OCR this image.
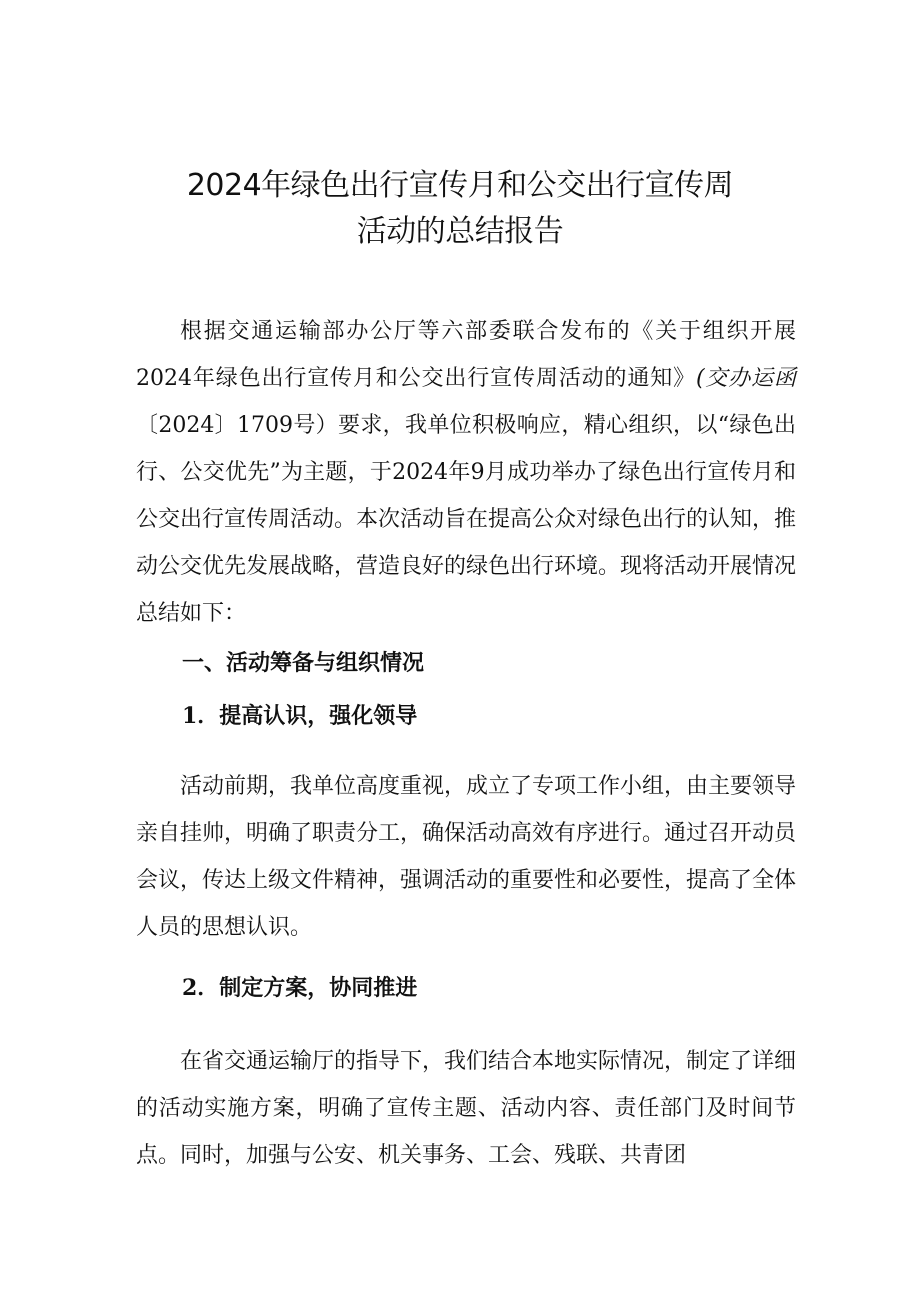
2024年绿色出行宣传月和公交出行宣传周
活动的总结报告

根据交通运输部办公厅等六部委联合发布的《关于组织开展2024年绿色出行宣传月和公交出行宣传周活动的通知》(交办运函〔2024〕1709号）要求，我单位积极响应，精心组织，以“绿色出行、公交优先”为主题，于2024年9月成功举办了绿色出行宣传月和公交出行宣传周活动。本次活动旨在提高公众对绿色出行的认知，推动公交优先发展战略，营造良好的绿色出行环境。现将活动开展情况总结如下：

一、活动筹备与组织情况
1．提高认识，强化领导

活动前期，我单位高度重视，成立了专项工作小组，由主要领导亲自挂帅，明确了职责分工，确保活动高效有序进行。通过召开动员会议，传达上级文件精神，强调活动的重要性和必要性，提高了全体人员的思想认识。

2．制定方案，协同推进

在省交通运输厅的指导下，我们结合本地实际情况，制定了详细的活动实施方案，明确了宣传主题、活动内容、责任部门及时间节点。同时，加强与公安、机关事务、工会、残联、共青团
